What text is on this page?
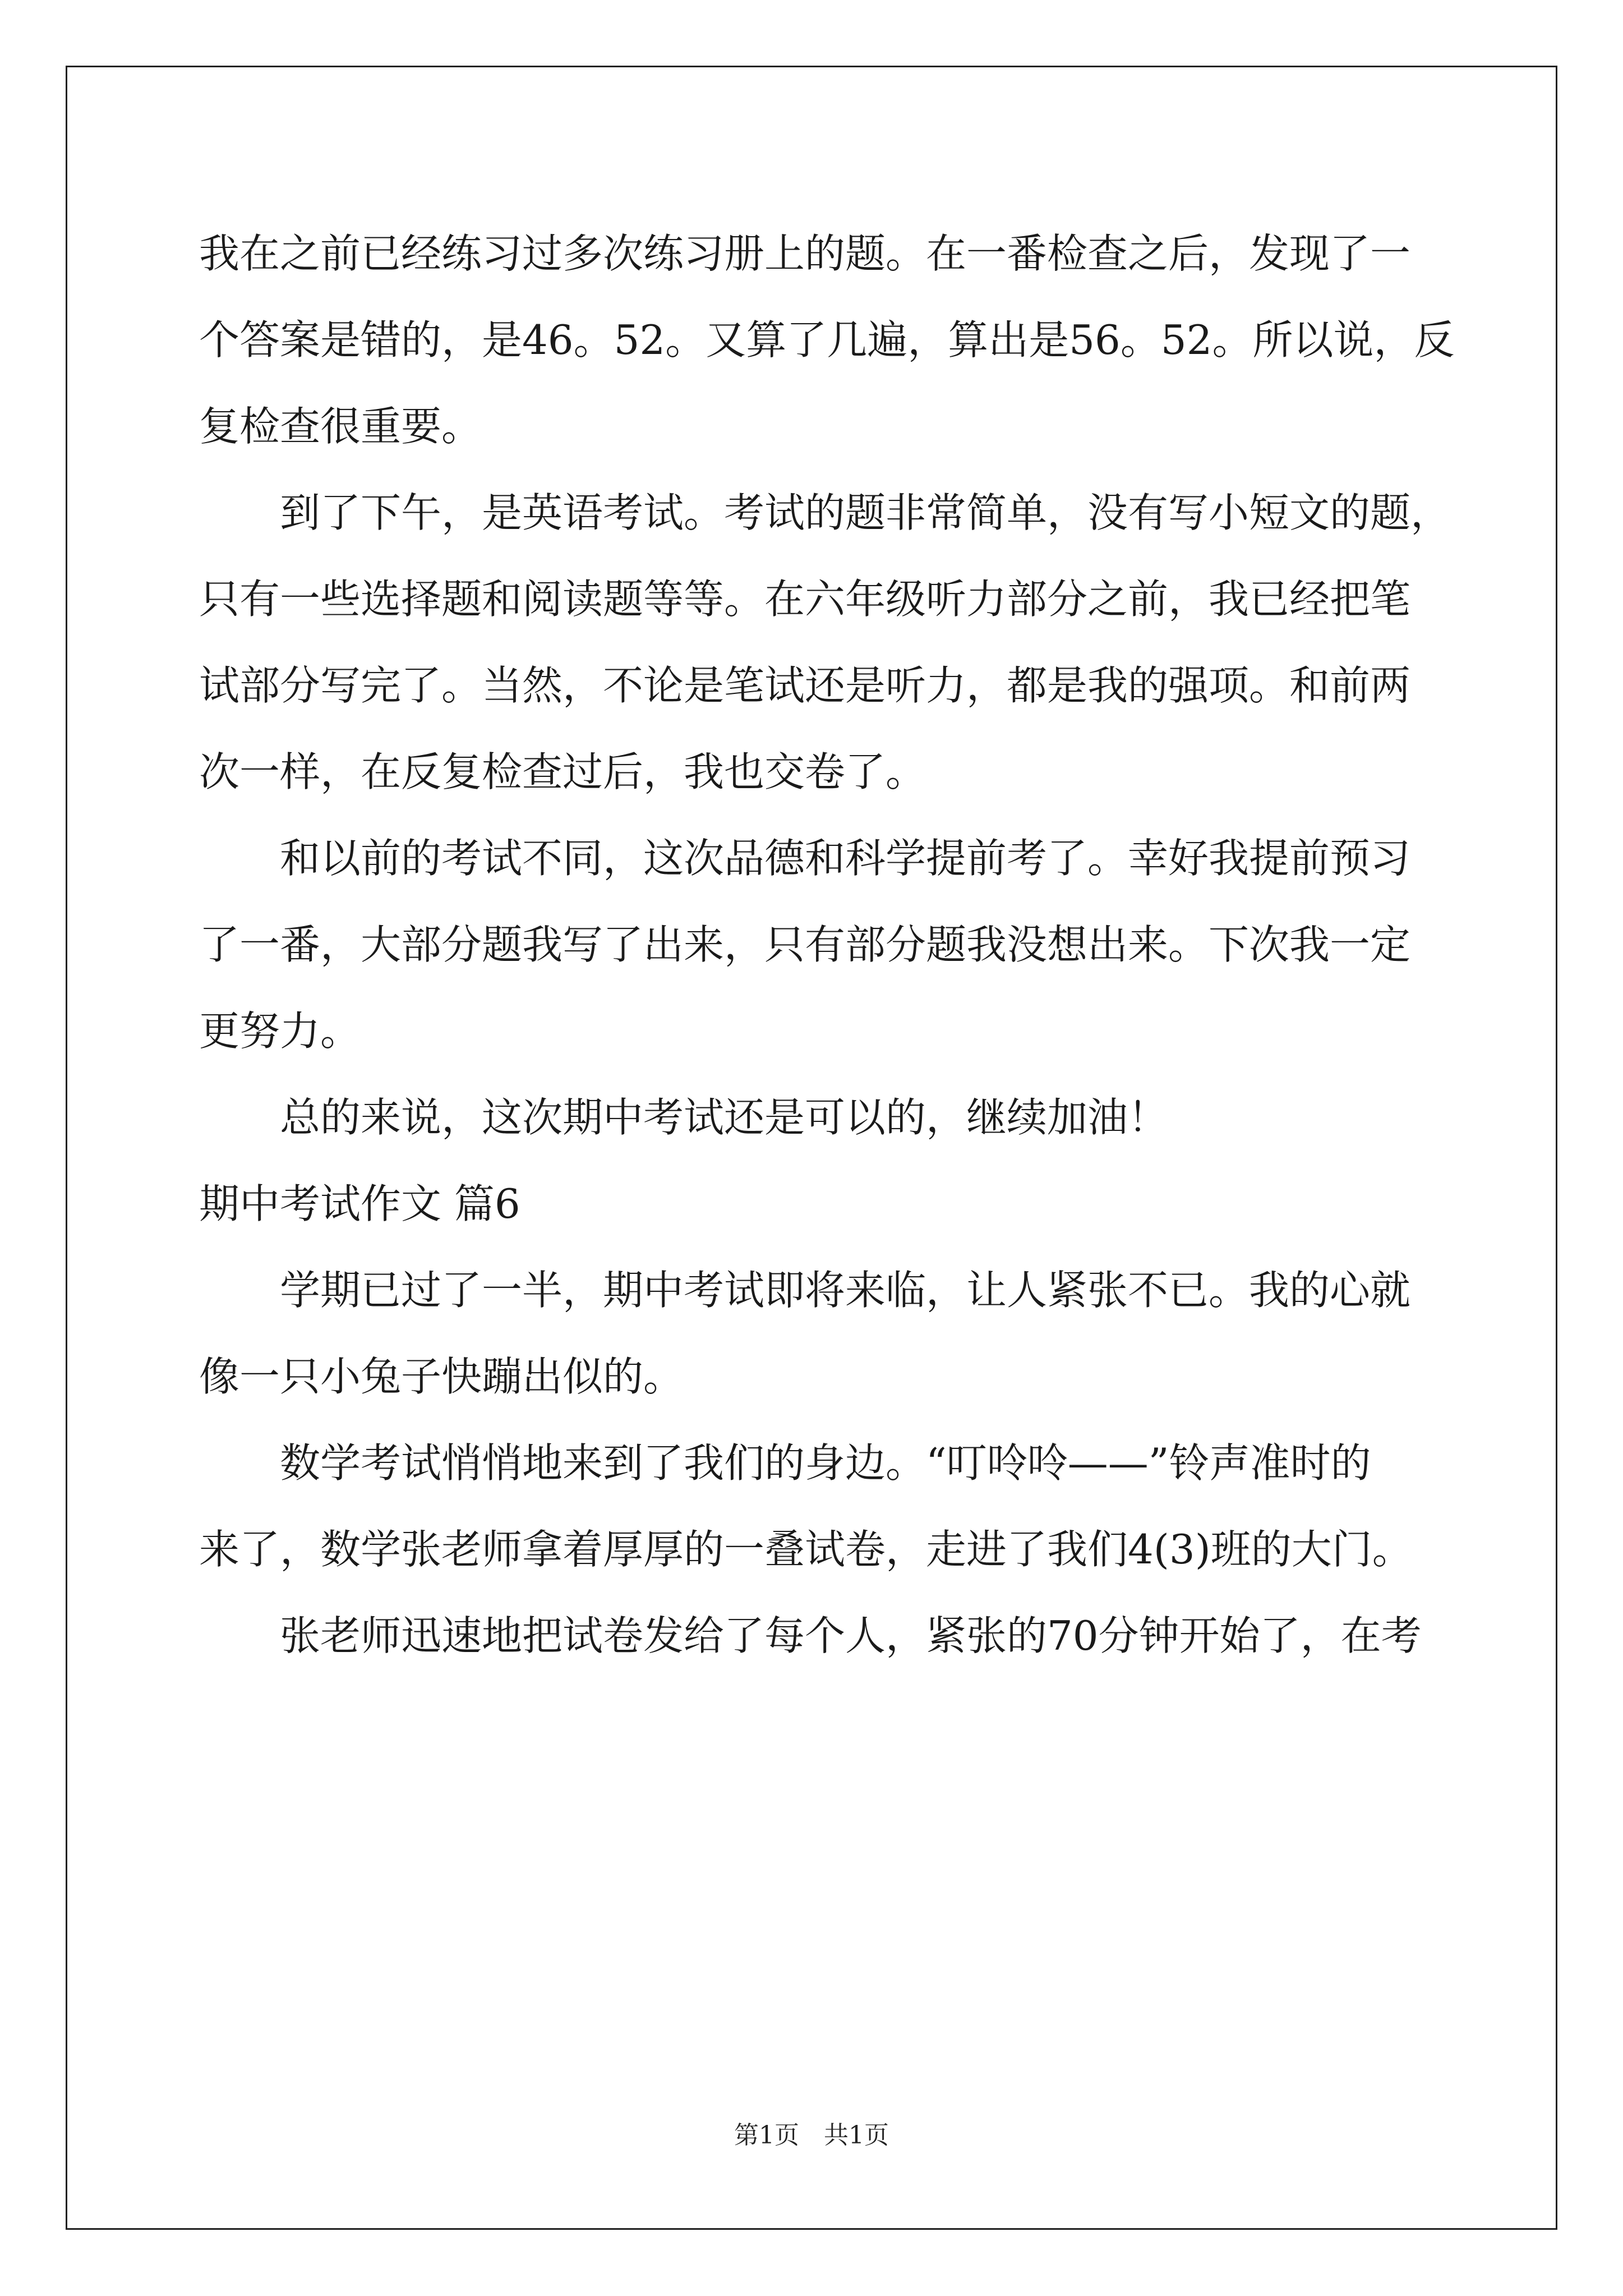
我在之前已经练习过多次练习册上的题。在一番检查之后，发现了一
个答案是错的，是46。52。又算了几遍，算出是56。52。所以说，反
复检查很重要。
　　到了下午，是英语考试。考试的题非常简单，没有写小短文的题，
只有一些选择题和阅读题等等。在六年级听力部分之前，我已经把笔
试部分写完了。当然，不论是笔试还是听力，都是我的强项。和前两
次一样，在反复检查过后，我也交卷了。
　　和以前的考试不同，这次品德和科学提前考了。幸好我提前预习
了一番，大部分题我写了出来，只有部分题我没想出来。下次我一定
更努力。
　　总的来说，这次期中考试还是可以的，继续加油！
期中考试作文 篇6
　　学期已过了一半，期中考试即将来临，让人紧张不已。我的心就
像一只小兔子快蹦出似的。
　　数学考试悄悄地来到了我们的身边。“叮呤呤——”铃声准时的
来了，数学张老师拿着厚厚的一叠试卷，走进了我们4(3)班的大门。
　　张老师迅速地把试卷发给了每个人，紧张的70分钟开始了，在考
第1页　共1页
